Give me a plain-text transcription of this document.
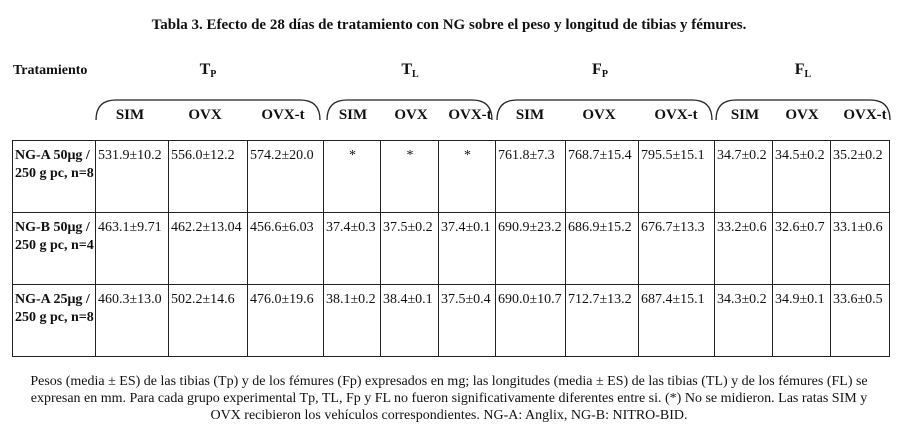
Tabla 3. Efecto de 28 días de tratamiento con NG sobre el peso y longitud de tibias y fémures.
Tratamiento	$T_P$	$T_L$	$F_P$	$F_L$
SIM	OVX	OVX-t	SIM	OVX	OVX-t	SIM	OVX	OVX-t	SIM	OVX	OVX-t
NG-A 50μg / 250 g pc, n=8	531.9±10.2	556.0±12.2	574.2±20.0	*	*	*	761.8±7.3	768.7±15.4	795.5±15.1	34.7±0.2	34.5±0.2	35.2±0.2
NG-B 50μg / 250 g pc, n=4	463.1±9.71	462.2±13.04	456.6±6.03	37.4±0.3	37.5±0.2	37.4±0.1	690.9±23.2	686.9±15.2	676.7±13.3	33.2±0.6	32.6±0.7	33.1±0.6
NG-A 25μg / 250 g pc, n=8	460.3±13.0	502.2±14.6	476.0±19.6	38.1±0.2	38.4±0.1	37.5±0.4	690.0±10.7	712.7±13.2	687.4±15.1	34.3±0.2	34.9±0.1	33.6±0.5
Pesos (media ± ES) de las tibias (Tp) y de los fémures (Fp) expresados en mg; las longitudes (media ± ES) de las tibias (TL) y de los fémures (FL) se expresan en mm. Para cada grupo experimental Tp, TL, Fp y FL no fueron significativamente diferentes entre si. (*) No se midieron. Las ratas SIM y OVX recibieron los vehículos correspondientes. NG-A: Anglix, NG-B: NITRO-BID.
